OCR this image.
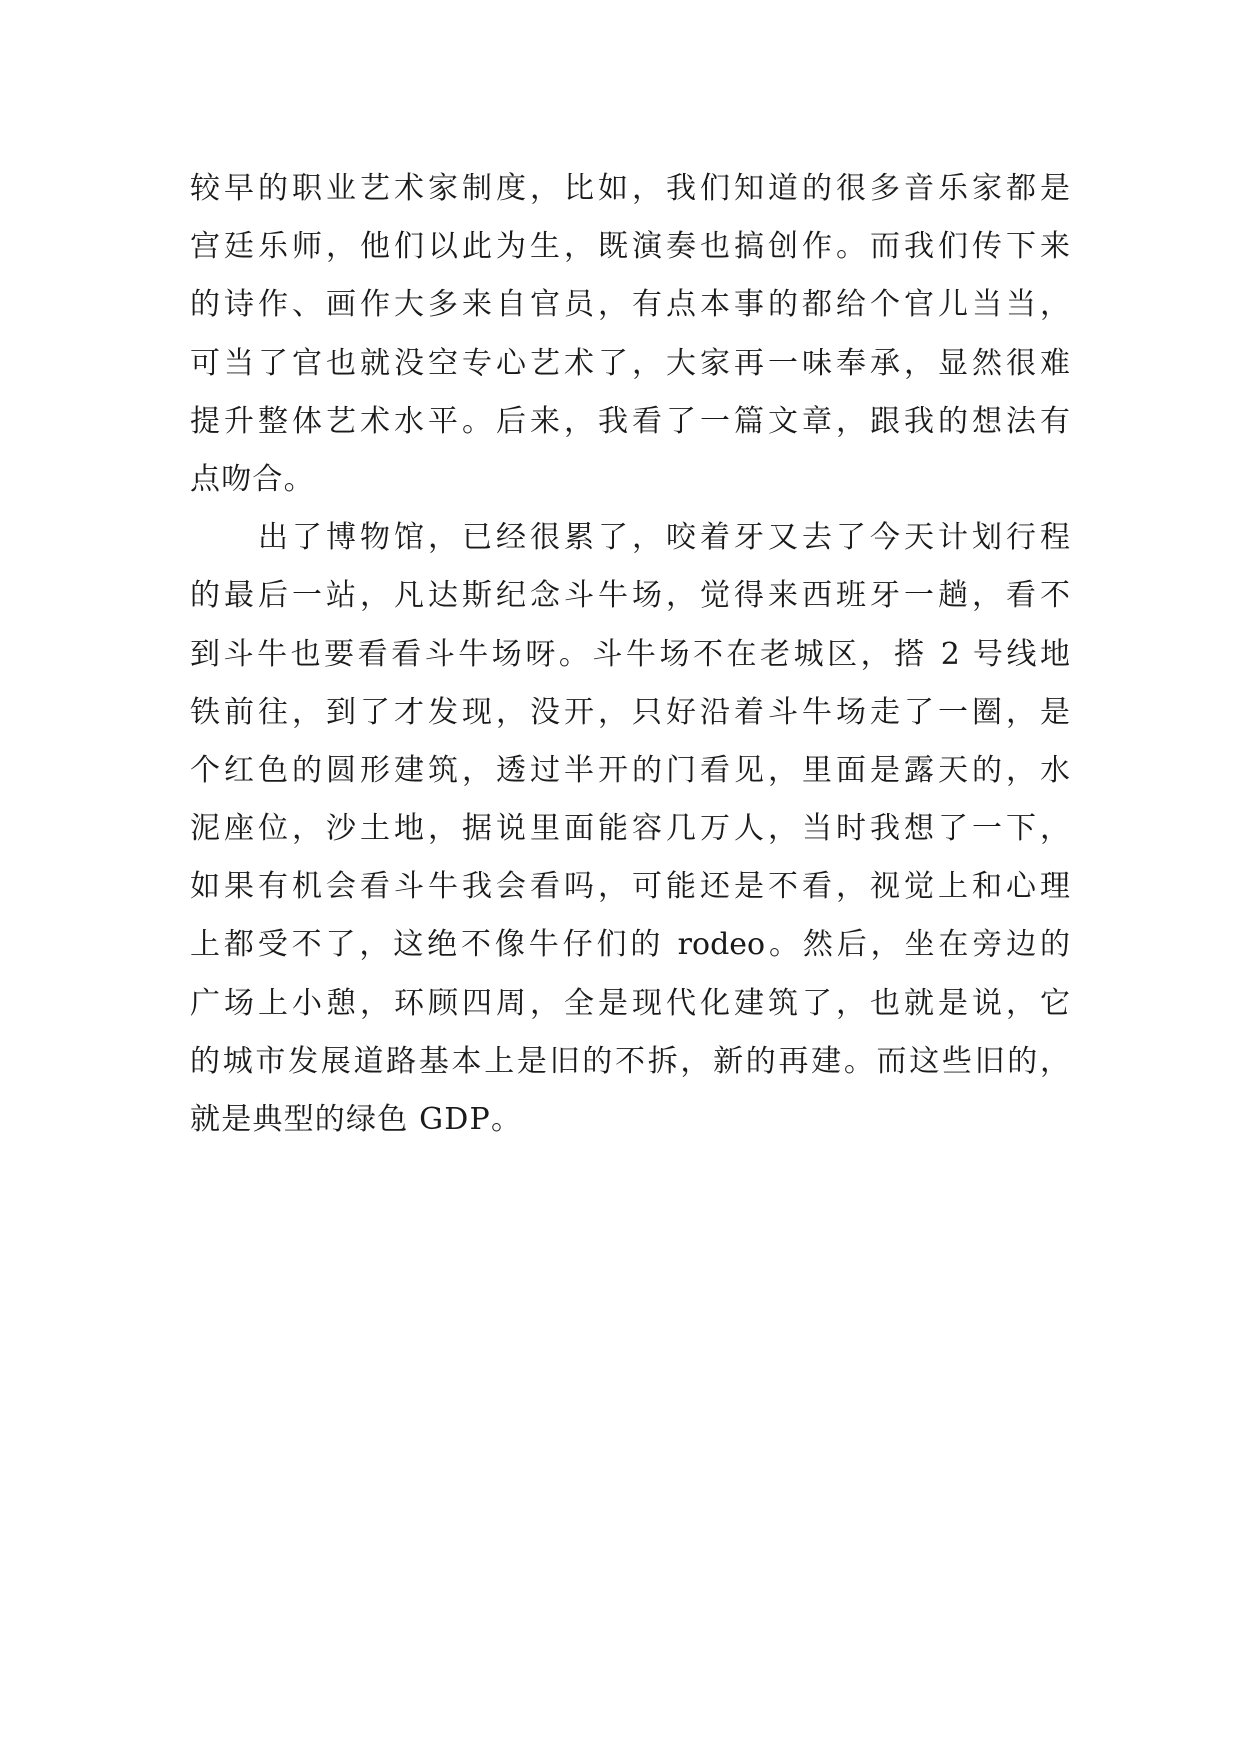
较早的职业艺术家制度，比如，我们知道的很多音乐家都是
宫廷乐师，他们以此为生，既演奏也搞创作。而我们传下来
的诗作、画作大多来自官员，有点本事的都给个官儿当当，
可当了官也就没空专心艺术了，大家再一味奉承，显然很难
提升整体艺术水平。后来，我看了一篇文章，跟我的想法有
点吻合。
　　出了博物馆，已经很累了，咬着牙又去了今天计划行程
的最后一站，凡达斯纪念斗牛场，觉得来西班牙一趟，看不
到斗牛也要看看斗牛场呀。斗牛场不在老城区，搭 2 号线地
铁前往，到了才发现，没开，只好沿着斗牛场走了一圈，是
个红色的圆形建筑，透过半开的门看见，里面是露天的，水
泥座位，沙土地，据说里面能容几万人，当时我想了一下，
如果有机会看斗牛我会看吗，可能还是不看，视觉上和心理
上都受不了，这绝不像牛仔们的 rodeo。然后，坐在旁边的
广场上小憩，环顾四周，全是现代化建筑了，也就是说，它
的城市发展道路基本上是旧的不拆，新的再建。而这些旧的，
就是典型的绿色 GDP。
